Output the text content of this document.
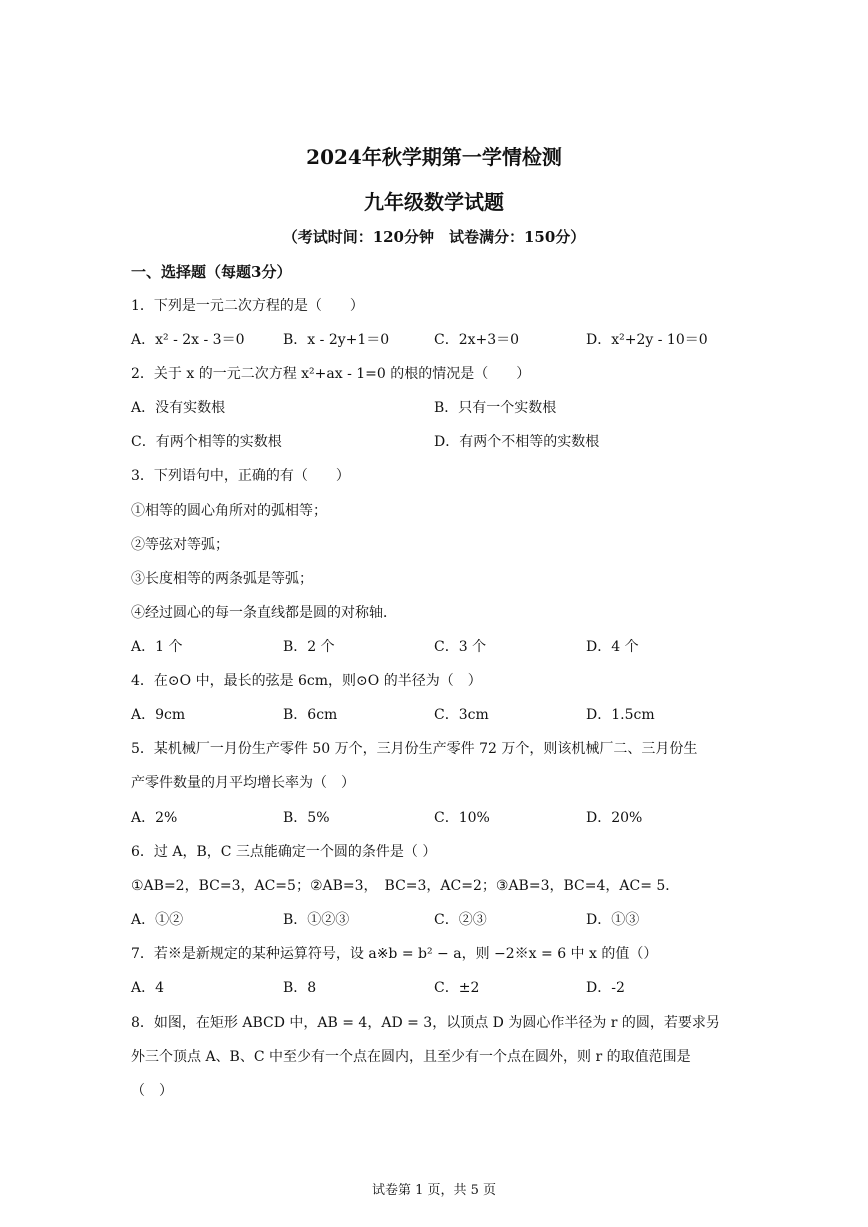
2024年秋学期第一学情检测
九年级数学试题
（考试时间：120分钟　试卷满分：150分）
一、选择题（每题3分）
1．下列是一元二次方程的是（　　）
A．x² - 2x - 3＝0	B．x - 2y+1＝0	C．2x+3＝0	D．x²+2y - 10＝0
2．关于 x 的一元二次方程 x²+ax - 1=0 的根的情况是（　　）
A．没有实数根	B．只有一个实数根
C．有两个相等的实数根	D．有两个不相等的实数根
3．下列语句中，正确的有（　　）
①相等的圆心角所对的弧相等；
②等弦对等弧；
③长度相等的两条弧是等弧；
④经过圆心的每一条直线都是圆的对称轴．
A．1 个	B．2 个	C．3 个	D．4 个
4．在⊙O 中，最长的弦是 6cm，则⊙O 的半径为（　）
A．9cm	B．6cm	C．3cm	D．1.5cm
5．某机械厂一月份生产零件 50 万个，三月份生产零件 72 万个，则该机械厂二、三月份生
产零件数量的月平均增长率为（　）
A．2%	B．5%	C．10%	D．20%
6．过 A，B，C 三点能确定一个圆的条件是（ ）
①AB=2，BC=3，AC=5；②AB=3，　BC=3，AC=2；③AB=3，BC=4，AC= 5．
A．①②	B．①②③	C．②③	D．①③
7．若※是新规定的某种运算符号，设 a※b = b² − a，则 −2※x = 6 中 x 的值（）
A．4	B．8	C．±2	D．-2
8．如图，在矩形 ABCD 中，AB = 4，AD = 3，以顶点 D 为圆心作半径为 r 的圆，若要求另
外三个顶点 A、B、C 中至少有一个点在圆内，且至少有一个点在圆外，则 r 的取值范围是
（　）
试卷第 1 页，共 5 页
